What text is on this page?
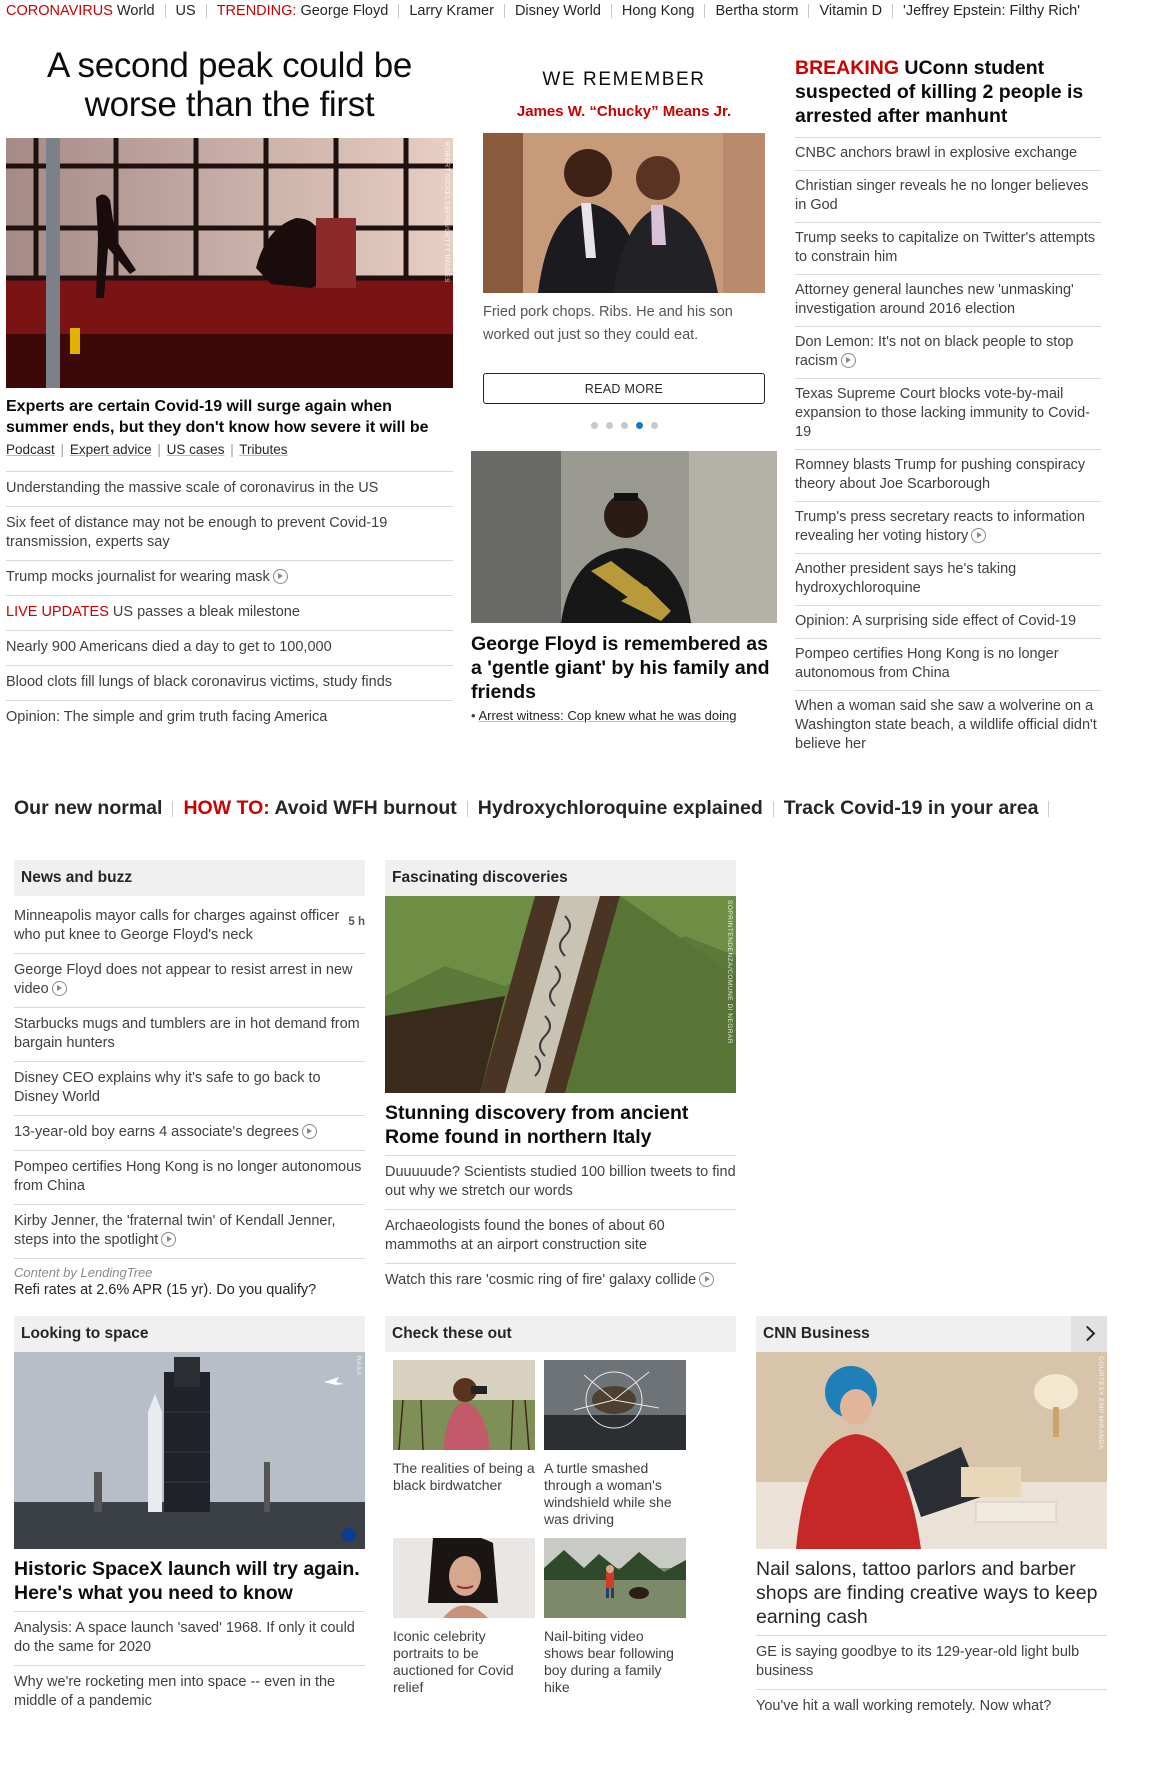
CORONAVIRUS World US TRENDING: George Floyd Larry Kramer Disney World Hong Kong Bertha storm Vitamin D 'Jeffrey Epstein: Filthy Rich'
A second peak could be worse than the first
ROBERT NICKELSBERG/GETTY IMAGES
Experts are certain Covid-19 will surge again when summer ends, but they don't know how severe it will be
Podcast | Expert advice | US cases | Tributes
Understanding the massive scale of coronavirus in the US
Six feet of distance may not be enough to prevent Covid-19 transmission, experts say
Trump mocks journalist for wearing mask
LIVE UPDATES US passes a bleak milestone
Nearly 900 Americans died a day to get to 100,000
Blood clots fill lungs of black coronavirus victims, study finds
Opinion: The simple and grim truth facing America
WE REMEMBER
James W. “Chucky” Means Jr.
Fried pork chops. Ribs. He and his son worked out just so they could eat.
READ MORE
George Floyd is remembered as a 'gentle giant' by his family and friends
• Arrest witness: Cop knew what he was doing
BREAKING UConn student suspected of killing 2 people is arrested after manhunt
CNBC anchors brawl in explosive exchange
Christian singer reveals he no longer believes in God
Trump seeks to capitalize on Twitter's attempts to constrain him
Attorney general launches new 'unmasking' investigation around 2016 election
Don Lemon: It's not on black people to stop racism
Texas Supreme Court blocks vote-by-mail expansion to those lacking immunity to Covid-19
Romney blasts Trump for pushing conspiracy theory about Joe Scarborough
Trump's press secretary reacts to information revealing her voting history
Another president says he's taking hydroxychloroquine
Opinion: A surprising side effect of Covid-19
Pompeo certifies Hong Kong is no longer autonomous from China
When a woman said she saw a wolverine on a Washington state beach, a wildlife official didn't believe her
Our new normal HOW TO: Avoid WFH burnout Hydroxychloroquine explained Track Covid-19 in your area
News and buzz
Minneapolis mayor calls for charges against officer who put knee to George Floyd's neck
5 h
George Floyd does not appear to resist arrest in new video
Starbucks mugs and tumblers are in hot demand from bargain hunters
Disney CEO explains why it's safe to go back to Disney World
13-year-old boy earns 4 associate's degrees
Pompeo certifies Hong Kong is no longer autonomous from China
Kirby Jenner, the 'fraternal twin' of Kendall Jenner, steps into the spotlight
Content by LendingTree
Refi rates at 2.6% APR (15 yr). Do you qualify?
Fascinating discoveries
SOPRINTENDENZA/COMUNE DI NEGRAR
Stunning discovery from ancient Rome found in northern Italy
Duuuuude? Scientists studied 100 billion tweets to find out why we stretch our words
Archaeologists found the bones of about 60 mammoths at an airport construction site
Watch this rare 'cosmic ring of fire' galaxy collide
Looking to space
NASA
Historic SpaceX launch will try again. Here's what you need to know
Analysis: A space launch 'saved' 1968. If only it could do the same for 2020
Why we're rocketing men into space -- even in the middle of a pandemic
Check these out
The realities of being a black birdwatcher
A turtle smashed through a woman's windshield while she was driving
Iconic celebrity portraits to be auctioned for Covid relief
Nail-biting video shows bear following boy during a family hike
CNN Business
COURTESY EMP MIRANDA
Nail salons, tattoo parlors and barber shops are finding creative ways to keep earning cash
GE is saying goodbye to its 129-year-old light bulb business
You've hit a wall working remotely. Now what?
